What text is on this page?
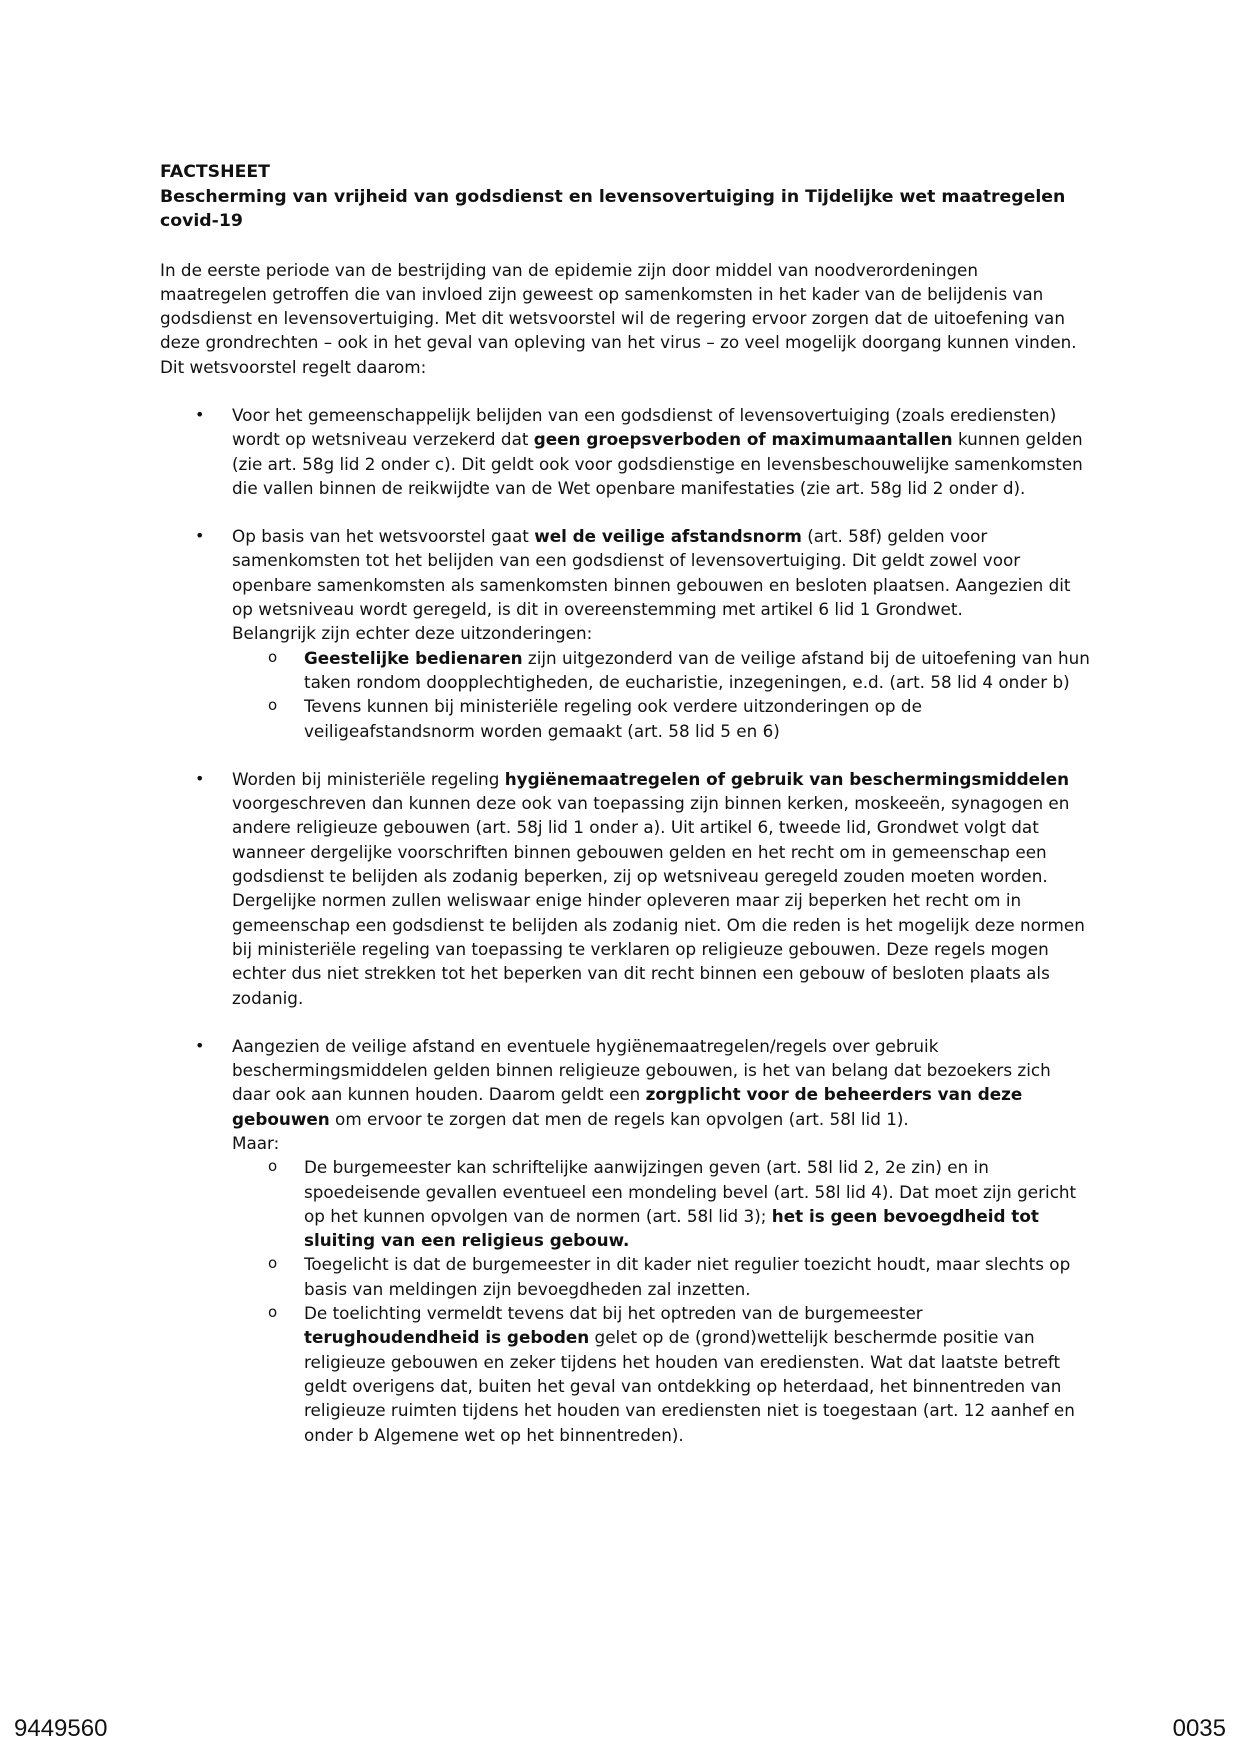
FACTSHEET

Bescherming van vrijheid van godsdienst en levensovertuiging in Tijdelijke wet maatregelen covid-19

In de eerste periode van de bestrijding van de epidemie zijn door middel van noodverordeningen maatregelen getroffen die van invloed zijn geweest op samenkomsten in het kader van de belijdenis van godsdienst en levensovertuiging. Met dit wetsvoorstel wil de regering ervoor zorgen dat de uitoefening van deze grondrechten – ook in het geval van opleving van het virus – zo veel mogelijk doorgang kunnen vinden. Dit wetsvoorstel regelt daarom:

• Voor het gemeenschappelijk belijden van een godsdienst of levensovertuiging (zoals erediensten) wordt op wetsniveau verzekerd dat geen groepsverboden of maximumaantallen kunnen gelden (zie art. 58g lid 2 onder c). Dit geldt ook voor godsdienstige en levensbeschouwelijke samenkomsten die vallen binnen de reikwijdte van de Wet openbare manifestaties (zie art. 58g lid 2 onder d).
• Op basis van het wetsvoorstel gaat wel de veilige afstandsnorm (art. 58f) gelden voor samenkomsten tot het belijden van een godsdienst of levensovertuiging. Dit geldt zowel voor openbare samenkomsten als samenkomsten binnen gebouwen en besloten plaatsen. Aangezien dit op wetsniveau wordt geregeld, is dit in overeenstemming met artikel 6 lid 1 Grondwet.
Belangrijk zijn echter deze uitzonderingen:
o Geestelijke bedienaren zijn uitgezonderd van de veilige afstand bij de uitoefening van hun taken rondom doopplechtigheden, de eucharistie, inzegeningen, e.d. (art. 58 lid 4 onder b)
o Tevens kunnen bij ministeriële regeling ook verdere uitzonderingen op de veiligeafstandsnorm worden gemaakt (art. 58 lid 5 en 6)
• Worden bij ministeriële regeling hygiënemaatregelen of gebruik van beschermingsmiddelen voorgeschreven dan kunnen deze ook van toepassing zijn binnen kerken, moskeeën, synagogen en andere religieuze gebouwen (art. 58j lid 1 onder a). Uit artikel 6, tweede lid, Grondwet volgt dat wanneer dergelijke voorschriften binnen gebouwen gelden en het recht om in gemeenschap een godsdienst te belijden als zodanig beperken, zij op wetsniveau geregeld zouden moeten worden. Dergelijke normen zullen weliswaar enige hinder opleveren maar zij beperken het recht om in gemeenschap een godsdienst te belijden als zodanig niet. Om die reden is het mogelijk deze normen bij ministeriële regeling van toepassing te verklaren op religieuze gebouwen. Deze regels mogen echter dus niet strekken tot het beperken van dit recht binnen een gebouw of besloten plaats als zodanig.
• Aangezien de veilige afstand en eventuele hygiënemaatregelen/regels over gebruik beschermingsmiddelen gelden binnen religieuze gebouwen, is het van belang dat bezoekers zich daar ook aan kunnen houden. Daarom geldt een zorgplicht voor de beheerders van deze gebouwen om ervoor te zorgen dat men de regels kan opvolgen (art. 58l lid 1).
Maar:
o De burgemeester kan schriftelijke aanwijzingen geven (art. 58l lid 2, 2e zin) en in spoedeisende gevallen eventueel een mondeling bevel (art. 58l lid 4). Dat moet zijn gericht op het kunnen opvolgen van de normen (art. 58l lid 3); het is geen bevoegdheid tot sluiting van een religieus gebouw.
o Toegelicht is dat de burgemeester in dit kader niet regulier toezicht houdt, maar slechts op basis van meldingen zijn bevoegdheden zal inzetten.
o De toelichting vermeldt tevens dat bij het optreden van de burgemeester terughoudendheid is geboden gelet op de (grond)wettelijk beschermde positie van religieuze gebouwen en zeker tijdens het houden van erediensten. Wat dat laatste betreft geldt overigens dat, buiten het geval van ontdekking op heterdaad, het binnentreden van religieuze ruimten tijdens het houden van erediensten niet is toegestaan (art. 12 aanhef en onder b Algemene wet op het binnentreden).
9449560	0035
